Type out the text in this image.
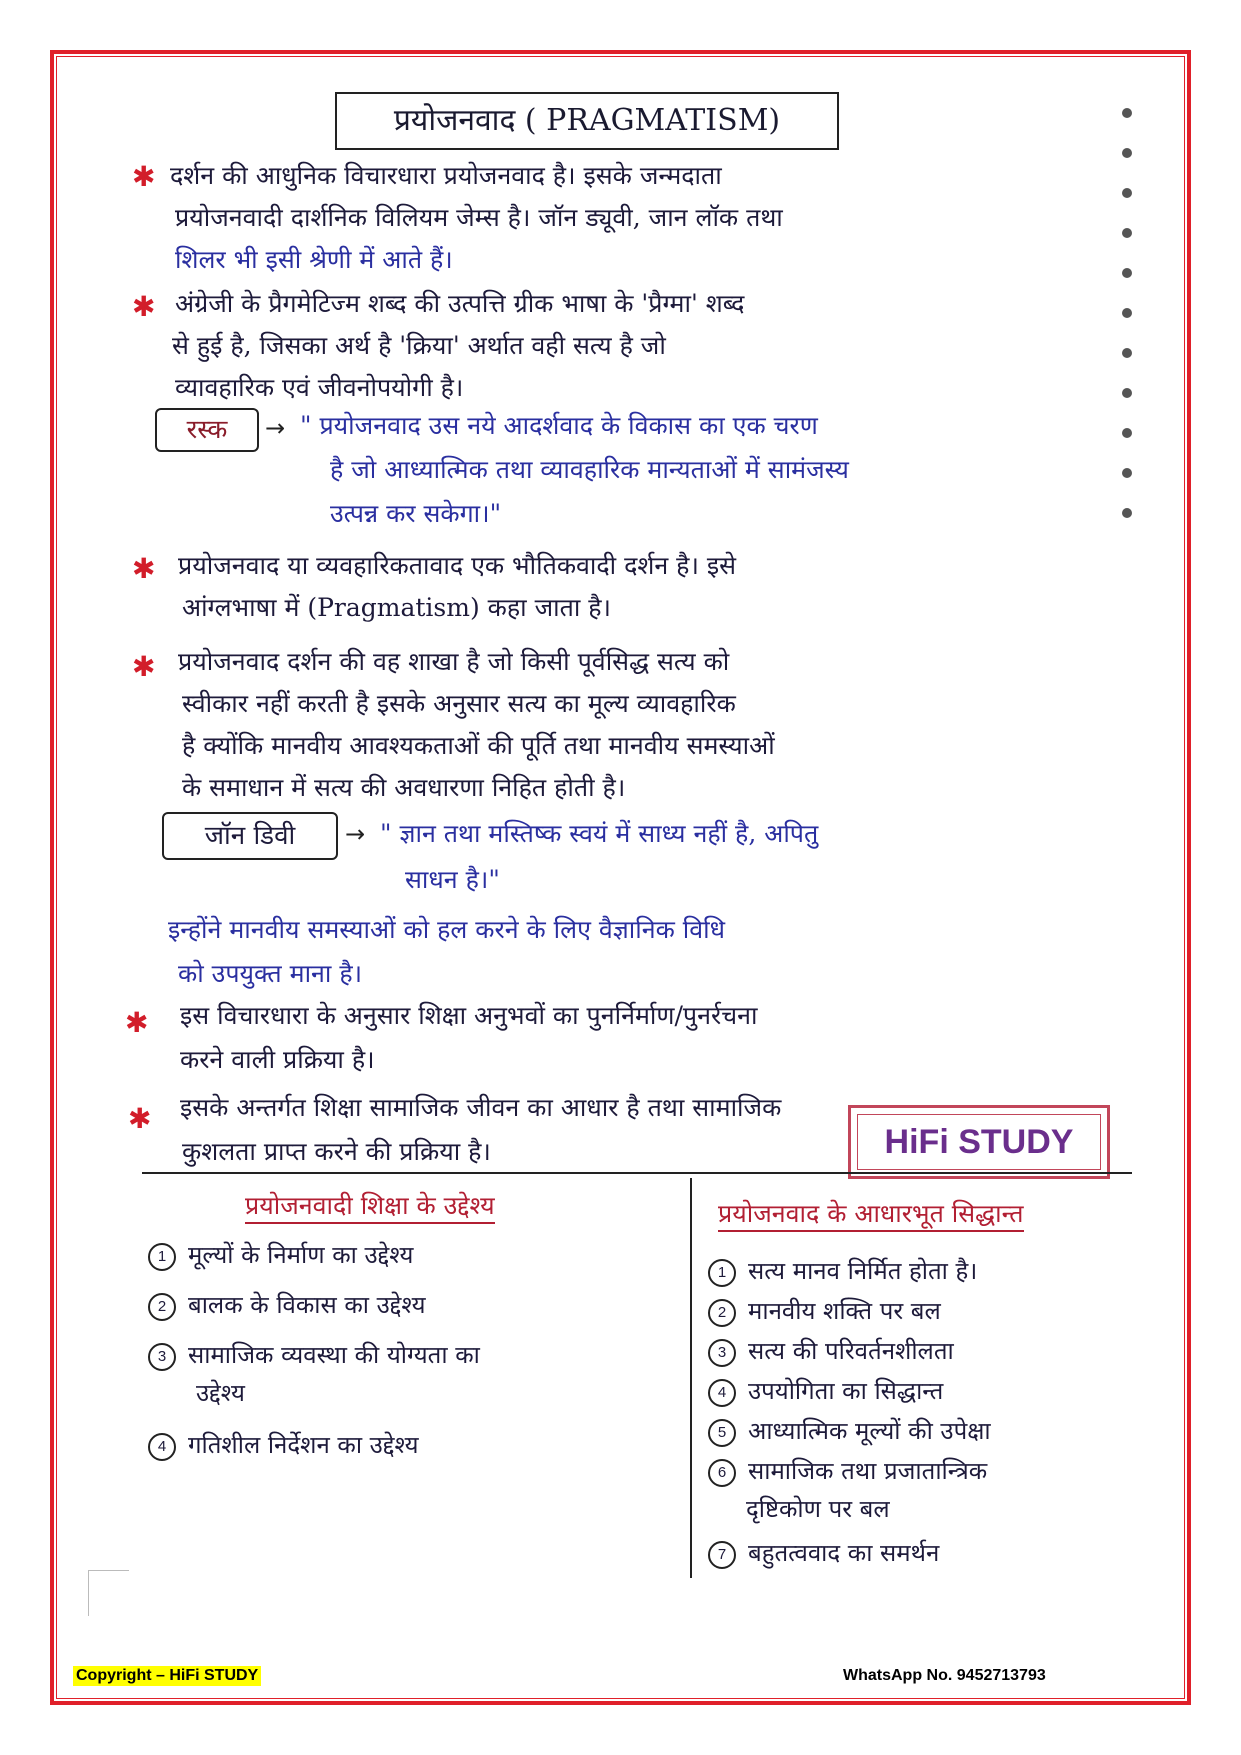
प्रयोजनवाद ( PRAGMATISM)
✱ दर्शन की आधुनिक विचारधारा प्रयोजनवाद है। इसके जन्मदाता
प्रयोजनवादी दार्शनिक विलियम जेम्स है। जॉन ड्यूवी, जान लॉक तथा
शिलर भी इसी श्रेणी में आते हैं।
✱ अंग्रेजी के प्रैगमेटिज्म शब्द की उत्पत्ति ग्रीक भाषा के 'प्रैग्मा' शब्द
से हुई है, जिसका अर्थ है 'क्रिया' अर्थात वही सत्य है जो
व्यावहारिक एवं जीवनोपयोगी है।
रस्क	→ " प्रयोजनवाद उस नये आदर्शवाद के विकास का एक चरण
है जो आध्यात्मिक तथा व्यावहारिक मान्यताओं में सामंजस्य
उत्पन्न कर सकेगा।"
✱ प्रयोजनवाद या व्यवहारिकतावाद एक भौतिकवादी दर्शन है। इसे
आंग्लभाषा में (Pragmatism) कहा जाता है।
✱ प्रयोजनवाद दर्शन की वह शाखा है जो किसी पूर्वसिद्ध सत्य को
स्वीकार नहीं करती है इसके अनुसार सत्य का मूल्य व्यावहारिक
है क्योंकि मानवीय आवश्यकताओं की पूर्ति तथा मानवीय समस्याओं
के समाधान में सत्य की अवधारणा निहित होती है।
जॉन डिवी	→ " ज्ञान तथा मस्तिष्क स्वयं में साध्य नहीं है, अपितु
साधन है।"
इन्होंने मानवीय समस्याओं को हल करने के लिए वैज्ञानिक विधि
को उपयुक्त माना है।
✱ इस विचारधारा के अनुसार शिक्षा अनुभवों का पुनर्निर्माण/पुनर्रचना
करने वाली प्रक्रिया है।
✱ इसके अन्तर्गत शिक्षा सामाजिक जीवन का आधार है तथा सामाजिक
कुशलता प्राप्त करने की प्रक्रिया है।	HiFi STUDY
प्रयोजनवादी शिक्षा के उद्देश्य
1 मूल्यों के निर्माण का उद्देश्य
2 बालक के विकास का उद्देश्य
3 सामाजिक व्यवस्था की योग्यता का
उद्देश्य
4 गतिशील निर्देशन का उद्देश्य
प्रयोजनवाद के आधारभूत सिद्धान्त
1 सत्य मानव निर्मित होता है।
2 मानवीय शक्ति पर बल
3 सत्य की परिवर्तनशीलता
4 उपयोगिता का सिद्धान्त
5 आध्यात्मिक मूल्यों की उपेक्षा
6 सामाजिक तथा प्रजातान्त्रिक
दृष्टिकोण पर बल
7 बहुतत्ववाद का समर्थन
Copyright – HiFi STUDY	WhatsApp No. 9452713793
